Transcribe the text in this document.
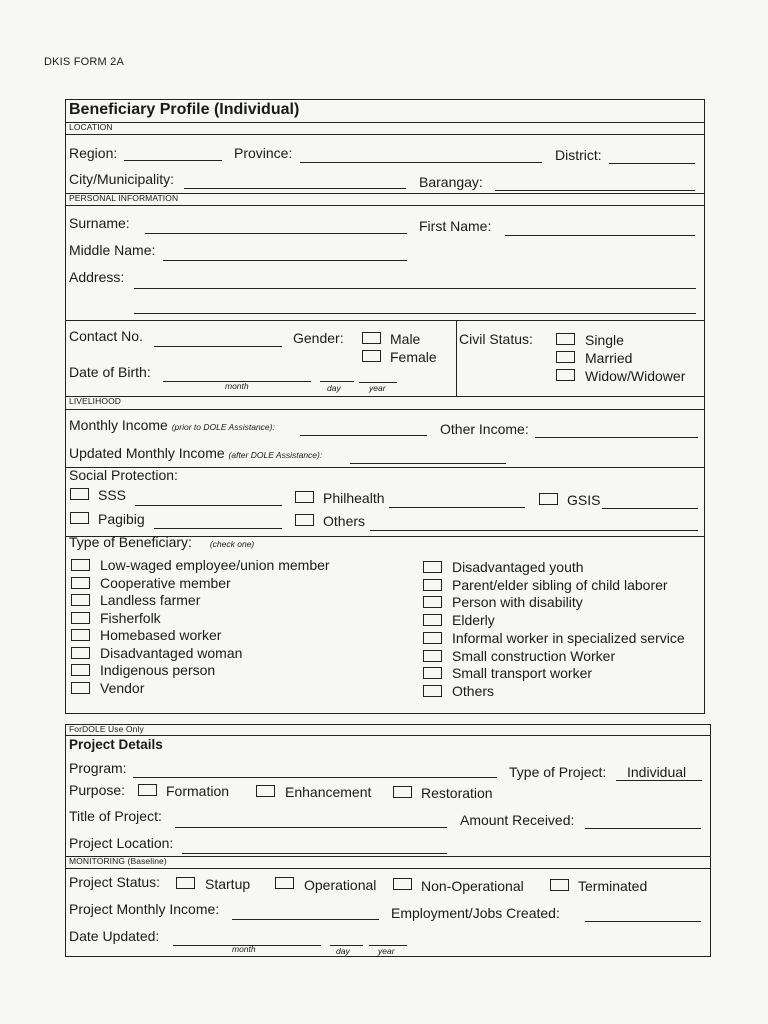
DKIS FORM 2A
Beneficiary Profile (Individual)
LOCATION
Region:	Province:	District:
City/Municipality:	Barangay:
PERSONAL INFORMATION
Surname:	First Name:
Middle Name:
Address:
Contact No.	Gender:	Male
Female
Civil Status:	Single
Married
Widow/Widower
Date of Birth:
month	day	year
LIVELIHOOD
Monthly Income (prior to DOLE Assistance):	Other Income:
Updated Monthly Income (after DOLE Assistance):
Social Protection:
SSS	Philhealth	GSIS
Pagibig	Others
Type of Beneficiary: (check one)
Low-waged employee/union member
Cooperative member
Landless farmer
Fisherfolk
Homebased worker
Disadvantaged woman
Indigenous person
Vendor
Disadvantaged youth
Parent/elder sibling of child laborer
Person with disability
Elderly
Informal worker in specialized service
Small construction Worker
Small transport worker
Others
ForDOLE Use Only
Project Details
Program:	Type of Project: Individual
Purpose:	Formation	Enhancement	Restoration
Title of Project:	Amount Received:
Project Location:
MONITORING (Baseline)
Project Status:	Startup	Operational	Non-Operational	Terminated
Project Monthly Income:	Employment/Jobs Created:
Date Updated:
month	day	year
